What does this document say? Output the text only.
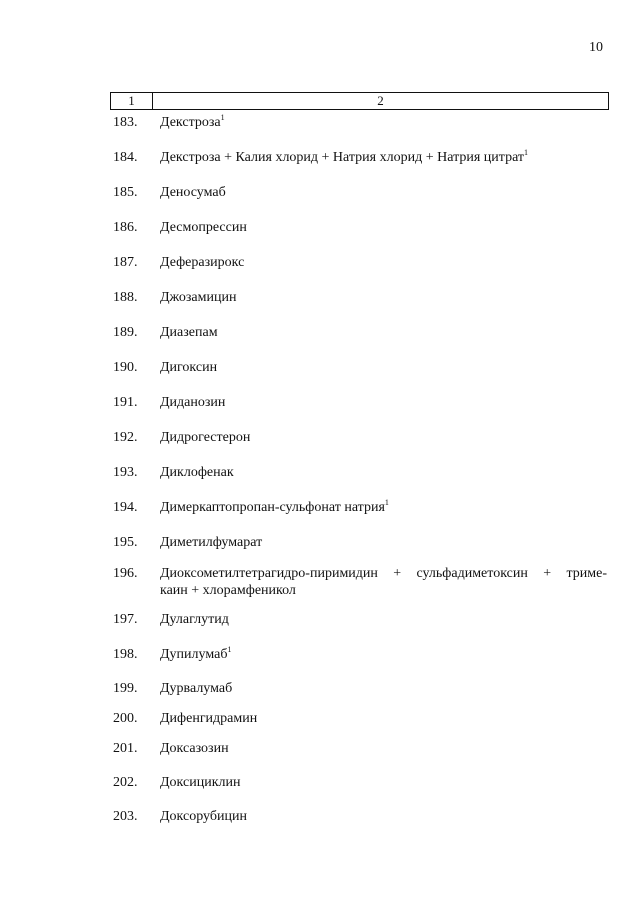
10
1	2
183.	Декстроза$^1$
184.	Декстроза + Калия хлорид + Натрия хлорид + Натрия цитрат$^1$
185.	Деносумаб
186.	Десмопрессин
187.	Деферазирокс
188.	Джозамицин
189.	Диазепам
190.	Дигоксин
191.	Диданозин
192.	Дидрогестерон
193.	Диклофенак
194.	Димеркаптопропан-сульфонат натрия$^1$
195.	Диметилфумарат
196.	Диоксометилтетрагидро-пиримидин + сульфадиметоксин + триме-
каин + хлорамфеникол
197.	Дулаглутид
198.	Дупилумаб$^1$
199.	Дурвалумаб
200.	Дифенгидрамин
201.	Доксазозин
202.	Доксициклин
203.	Доксорубицин
